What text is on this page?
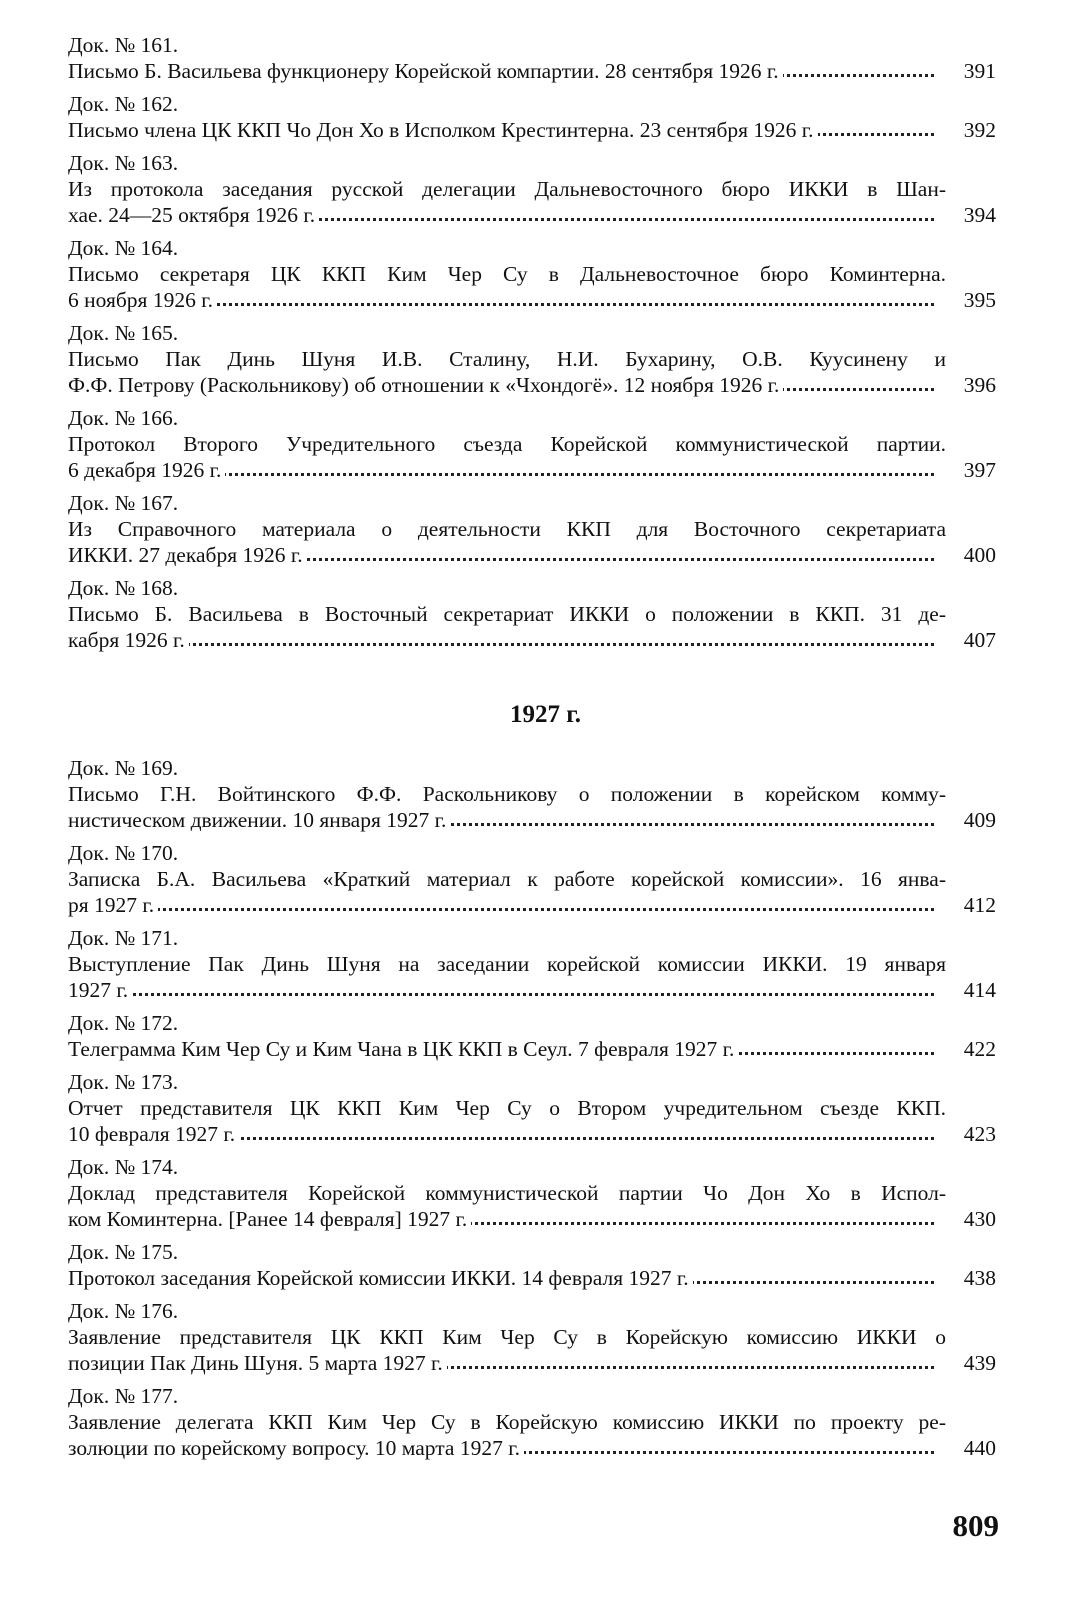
Док. № 161.
Письмо Б. Васильева функционеру Корейской компартии. 28 сентября 1926 г.	391
Док. № 162.
Письмо члена ЦК ККП Чо Дон Хо в Исполком Крестинтерна. 23 сентября 1926 г.	392
Док. № 163.
Из протокола заседания русской делегации Дальневосточного бюро ИККИ в Шан-
хае. 24—25 октября 1926 г.	394
Док. № 164.
Письмо секретаря ЦК ККП Ким Чер Су в Дальневосточное бюро Коминтерна.
6 ноября 1926 г.	395
Док. № 165.
Письмо Пак Динь Шуня И.В. Сталину, Н.И. Бухарину, О.В. Куусинену и
Ф.Ф. Петрову (Раскольникову) об отношении к «Чхондогё». 12 ноября 1926 г.	396
Док. № 166.
Протокол Второго Учредительного съезда Корейской коммунистической партии.
6 декабря 1926 г.	397
Док. № 167.
Из Справочного материала о деятельности ККП для Восточного секретариата
ИККИ. 27 декабря 1926 г.	400
Док. № 168.
Письмо Б. Васильева в Восточный секретариат ИККИ о положении в ККП. 31 де-
кабря 1926 г.	407
1927 г.
Док. № 169.
Письмо Г.Н. Войтинского Ф.Ф. Раскольникову о положении в корейском комму-
нистическом движении. 10 января 1927 г.	409
Док. № 170.
Записка Б.А. Васильева «Краткий материал к работе корейской комиссии». 16 янва-
ря 1927 г.	412
Док. № 171.
Выступление Пак Динь Шуня на заседании корейской комиссии ИККИ. 19 января
1927 г.	414
Док. № 172.
Телеграмма Ким Чер Су и Ким Чана в ЦК ККП в Сеул. 7 февраля 1927 г.	422
Док. № 173.
Отчет представителя ЦК ККП Ким Чер Су о Втором учредительном съезде ККП.
10 февраля 1927 г.	423
Док. № 174.
Доклад представителя Корейской коммунистической партии Чо Дон Хо в Испол-
ком Коминтерна. [Ранее 14 февраля] 1927 г.	430
Док. № 175.
Протокол заседания Корейской комиссии ИККИ. 14 февраля 1927 г.	438
Док. № 176.
Заявление представителя ЦК ККП Ким Чер Су в Корейскую комиссию ИККИ о
позиции Пак Динь Шуня. 5 марта 1927 г.	439
Док. № 177.
Заявление делегата ККП Ким Чер Су в Корейскую комиссию ИККИ по проекту ре-
золюции по корейскому вопросу. 10 марта 1927 г.	440
809
